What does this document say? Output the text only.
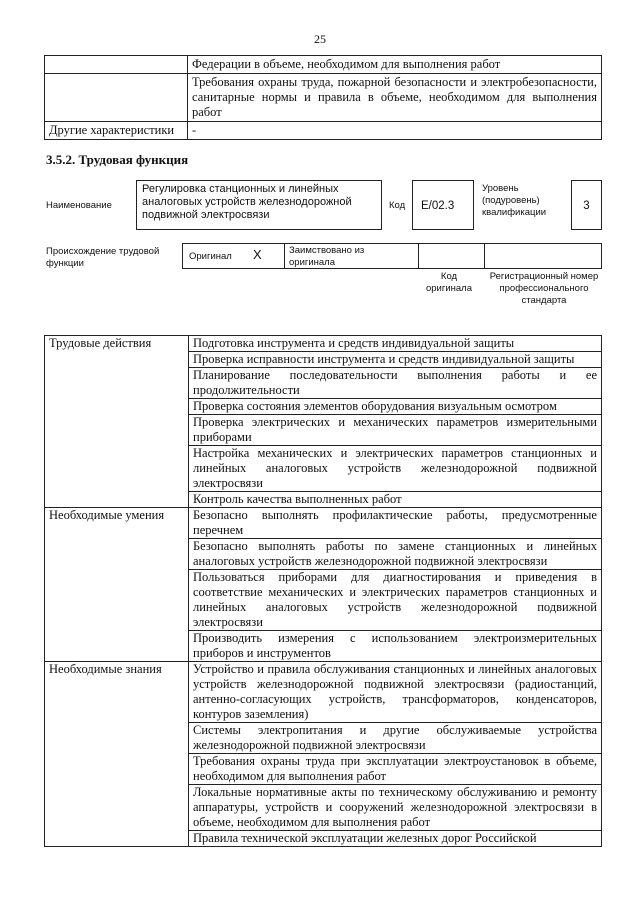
25
	Федерации в объеме, необходимом для выполнения работ
	Требования охраны труда, пожарной безопасности и электробезопасности, санитарные нормы и правила в объеме, необходимом для выполнения работ
Другие характеристики	-
3.5.2. Трудовая функция
Наименование
Регулировка станционных и линейных аналоговых устройств железнодорожной подвижной электросвязи
Код	E/02.3
Уровень (подуровень) квалификации
3
Происхождение трудовой функции
Оригинал X	Заимствовано из оригинала
Код оригинала
Регистрационный номер профессионального стандарта
Трудовые действия	Подготовка инструмента и средств индивидуальной защиты
	Проверка исправности инструмента и средств индивидуальной защиты
	Планирование последовательности выполнения работы и ее продолжительности
	Проверка состояния элементов оборудования визуальным осмотром
	Проверка электрических и механических параметров измерительными приборами
	Настройка механических и электрических параметров станционных и линейных аналоговых устройств железнодорожной подвижной электросвязи
	Контроль качества выполненных работ
Необходимые умения	Безопасно выполнять профилактические работы, предусмотренные перечнем
	Безопасно выполнять работы по замене станционных и линейных аналоговых устройств железнодорожной подвижной электросвязи
	Пользоваться приборами для диагностирования и приведения в соответствие механических и электрических параметров станционных и линейных аналоговых устройств железнодорожной подвижной электросвязи
	Производить измерения с использованием электроизмерительных приборов и инструментов
Необходимые знания	Устройство и правила обслуживания станционных и линейных аналоговых устройств железнодорожной подвижной электросвязи (радиостанций, антенно-согласующих устройств, трансформаторов, конденсаторов, контуров заземления)
	Системы электропитания и другие обслуживаемые устройства железнодорожной подвижной электросвязи
	Требования охраны труда при эксплуатации электроустановок в объеме, необходимом для выполнения работ
	Локальные нормативные акты по техническому обслуживанию и ремонту аппаратуры, устройств и сооружений железнодорожной электросвязи в объеме, необходимом для выполнения работ
	Правила технической эксплуатации железных дорог Российской
